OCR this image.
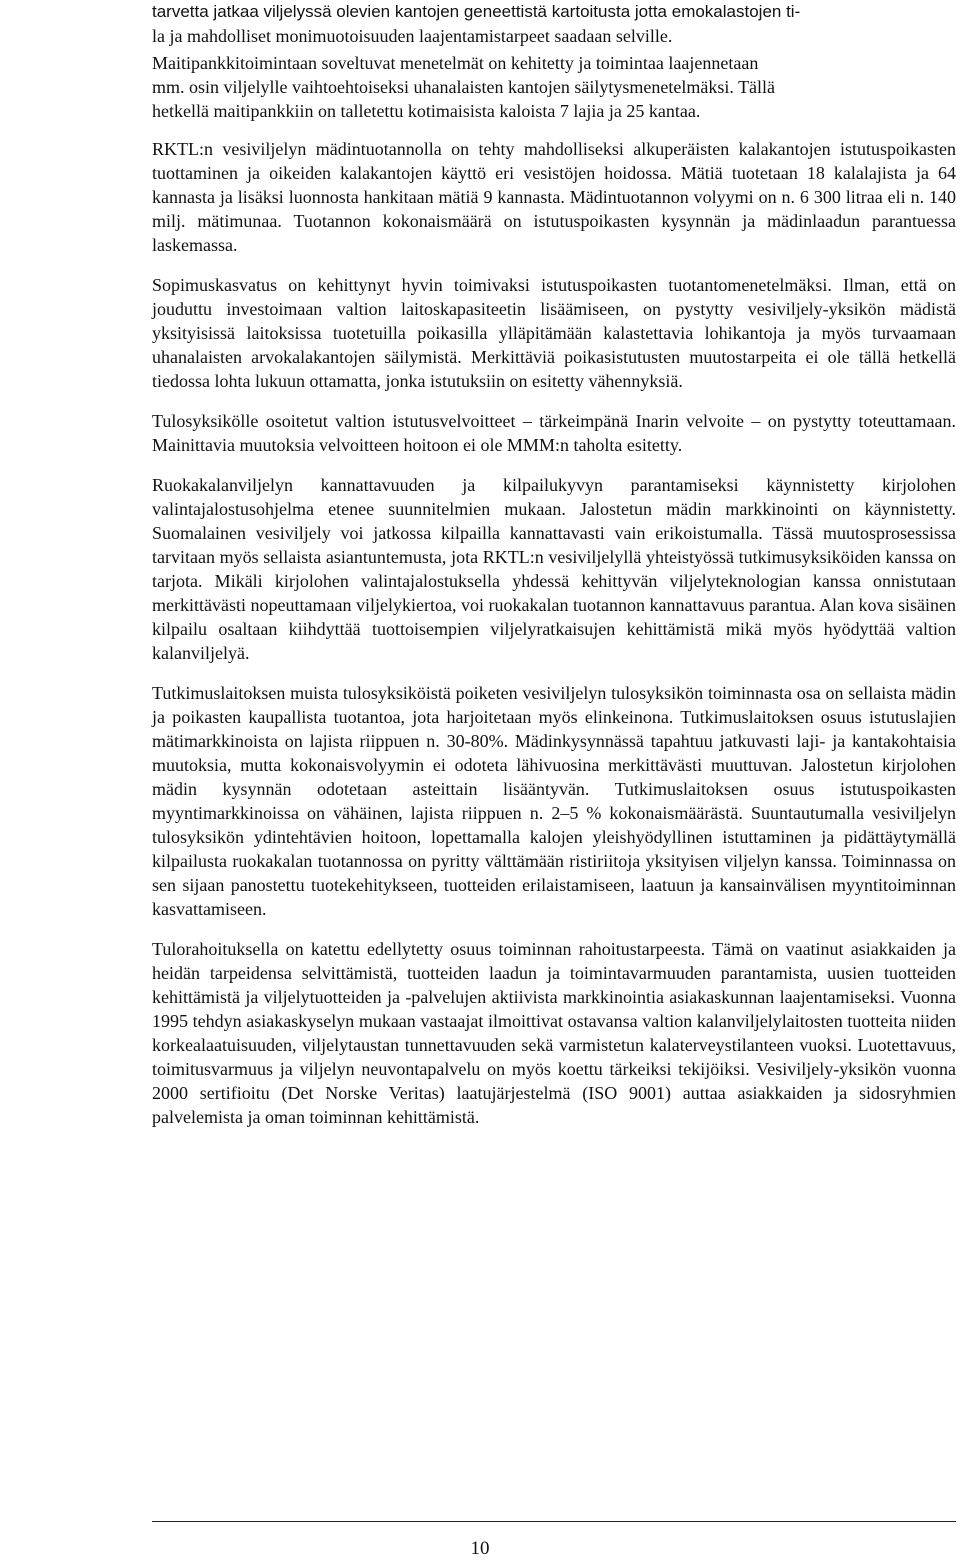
tarvetta jatkaa viljelyssä olevien kantojen geneettistä kartoitusta jotta emokalastojen ti-
la ja mahdolliset monimuotoisuuden laajentamistarpeet saadaan selville.
Maitipankkitoimintaan soveltuvat menetelmät on kehitetty ja toimintaa laajennetaan
mm. osin viljelylle vaihtoehtoiseksi uhanalaisten kantojen säilytysmenetelmäksi. Tällä
hetkellä maitipankkiin on talletettu kotimaisista kaloista 7 lajia ja 25 kantaa.

RKTL:n vesiviljelyn mädintuotannolla on tehty mahdolliseksi alkuperäisten kalakantojen istutuspoikasten tuottaminen ja oikeiden kalakantojen käyttö eri vesistöjen hoidossa. Mätiä tuotetaan 18 kalalajista ja 64 kannasta ja lisäksi luonnosta hankitaan mätiä 9 kannasta. Mädintuotannon volyymi on n. 6 300 litraa eli n. 140 milj. mätimunaa. Tuotannon kokonaismäärä on istutuspoikasten kysynnän ja mädinlaadun parantuessa laskemassa.

Sopimuskasvatus on kehittynyt hyvin toimivaksi istutuspoikasten tuotantomenetelmäksi. Ilman, että on jouduttu investoimaan valtion laitoskapasiteetin lisäämiseen, on pystytty vesiviljely-yksikön mädistä yksityisissä laitoksissa tuotetuilla poikasilla ylläpitämään kalastettavia lohikantoja ja myös turvaamaan uhanalaisten arvokalakantojen säilymistä. Merkittäviä poikasistutusten muutostarpeita ei ole tällä hetkellä tiedossa lohta lukuun ottamatta, jonka istutuksiin on esitetty vähennyksiä.

Tulosyksikölle osoitetut valtion istutusvelvoitteet – tärkeimpänä Inarin velvoite – on pystytty toteuttamaan. Mainittavia muutoksia velvoitteen hoitoon ei ole MMM:n taholta esitetty.

Ruokakalanviljelyn kannattavuuden ja kilpailukyvyn parantamiseksi käynnistetty kirjolohen valintajalostusohjelma etenee suunnitelmien mukaan. Jalostetun mädin markkinointi on käynnistetty. Suomalainen vesiviljely voi jatkossa kilpailla kannattavasti vain erikoistumalla. Tässä muutosprosessissa tarvitaan myös sellaista asiantuntemusta, jota RKTL:n vesiviljelyllä yhteistyössä tutkimusyksiköiden kanssa on tarjota. Mikäli kirjolohen valintajalostuksella yhdessä kehittyvän viljelyteknologian kanssa onnistutaan merkittävästi nopeuttamaan viljelykiertoa, voi ruokakalan tuotannon kannattavuus parantua. Alan kova sisäinen kilpailu osaltaan kiihdyttää tuottoisempien viljelyratkaisujen kehittämistä mikä myös hyödyttää valtion kalanviljelyä.

Tutkimuslaitoksen muista tulosyksiköistä poiketen vesiviljelyn tulosyksikön toiminnasta osa on sellaista mädin ja poikasten kaupallista tuotantoa, jota harjoitetaan myös elinkeinona. Tutkimuslaitoksen osuus istutuslajien mätimarkkinoista on lajista riippuen n. 30-80%. Mädinkysynnässä tapahtuu jatkuvasti laji- ja kantakohtaisia muutoksia, mutta kokonaisvolyymin ei odoteta lähivuosina merkittävästi muuttuvan. Jalostetun kirjolohen mädin kysynnän odotetaan asteittain lisääntyvän. Tutkimuslaitoksen osuus istutuspoikasten myyntimarkkinoissa on vähäinen, lajista riippuen n. 2–5 % kokonaismäärästä. Suuntautumalla vesiviljelyn tulosyksikön ydintehtävien hoitoon, lopettamalla kalojen yleishyödyllinen istuttaminen ja pidättäytymällä kilpailusta ruokakalan tuotannossa on pyritty välttämään ristiriitoja yksityisen viljelyn kanssa. Toiminnassa on sen sijaan panostettu tuotekehitykseen, tuotteiden erilaistamiseen, laatuun ja kansainvälisen myyntitoiminnan kasvattamiseen.

Tulorahoituksella on katettu edellytetty osuus toiminnan rahoitustarpeesta. Tämä on vaatinut asiakkaiden ja heidän tarpeidensa selvittämistä, tuotteiden laadun ja toimintavarmuuden parantamista, uusien tuotteiden kehittämistä ja viljelytuotteiden ja -palvelujen aktiivista markkinointia asiakaskunnan laajentamiseksi. Vuonna 1995 tehdyn asiakaskyselyn mukaan vastaajat ilmoittivat ostavansa valtion kalanviljelylaitosten tuotteita niiden korkealaatuisuuden, viljelytaustan tunnettavuuden sekä varmistetun kalaterveystilanteen vuoksi. Luotettavuus, toimitusvarmuus ja viljelyn neuvontapalvelu on myös koettu tärkeiksi tekijöiksi. Vesiviljely-yksikön vuonna 2000 sertifioitu (Det Norske Veritas) laatujärjestelmä (ISO 9001) auttaa asiakkaiden ja sidosryhmien palvelemista ja oman toiminnan kehittämistä.

10
